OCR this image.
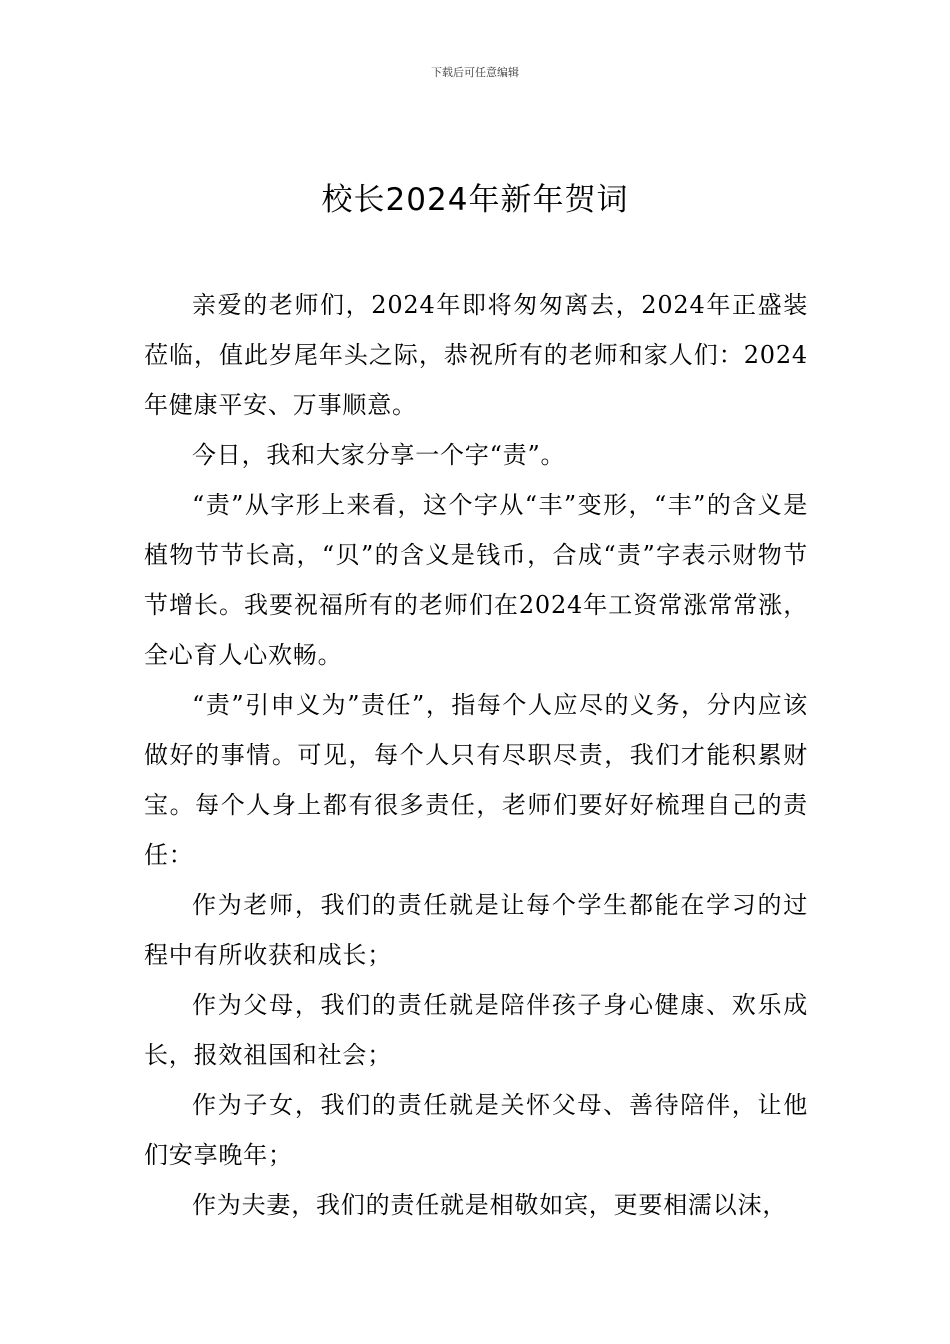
下载后可任意编辑
校长2024年新年贺词

亲爱的老师们，2024年即将匆匆离去，2024年正盛装莅临，值此岁尾年头之际，恭祝所有的老师和家人们：2024年健康平安、万事顺意。

今日，我和大家分享一个字“责”。

“责”从字形上来看，这个字从“丰”变形，“丰”的含义是植物节节长高，“贝”的含义是钱币，合成“责”字表示财物节节增长。我要祝福所有的老师们在2024年工资常涨常常涨，全心育人心欢畅。

“责”引申义为”责任”，指每个人应尽的义务，分内应该做好的事情。可见，每个人只有尽职尽责，我们才能积累财宝。每个人身上都有很多责任，老师们要好好梳理自己的责任：

作为老师，我们的责任就是让每个学生都能在学习的过程中有所收获和成长；

作为父母，我们的责任就是陪伴孩子身心健康、欢乐成长，报效祖国和社会；

作为子女，我们的责任就是关怀父母、善待陪伴，让他们安享晚年；

作为夫妻，我们的责任就是相敬如宾，更要相濡以沫，
